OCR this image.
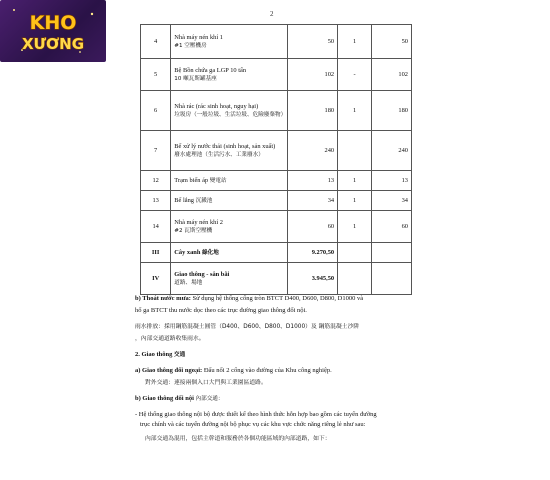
KHO
XƯƠNG
2
4	Nhà máy nén khí 1
#1 空壓機房	50	1	50
5	Bệ Bồn chứa ga LGP 10 tấn
10 噸瓦斯罐基座	102	-	102
6	Nhà rác (rác sinh hoạt, nguy hại)
垃圾房（一般垃圾、生活垃圾、危險廢棄物）	180	1	180
7	Bể xử lý nước thải (sinh hoạt, sản xuất)
廢水處理池（生活污水、工業廢水）	240		240
12	Trạm biến áp 變電站	13	1	13
13	Bể lắng 沉澱池	34	1	34
14	Nhà máy nén khí 2
#2 瓦斯空壓機	60	1	60
III	Cây xanh 綠化地	9.270,50		
IV	Giao thông - sân bãi
道路、場地	3.945,50		
b) Thoát nước mưa: Sử dụng hệ thống cống tròn BTCT D400, D600, D800, D1000 và
hố ga BTCT thu nước dọc theo các trục đường giao thông đối nội.
雨水排放：採用鋼筋混凝土圓管（D400、D600、D800、D1000）及 鋼筋混凝土沙阱
，內部交通道路收集雨水。
2. Giao thông 交通
a) Giao thông đối ngoại: Đấu nối 2 cổng vào đường của Khu công nghiệp.
對外交通：連接兩個入口大門與工業園區道路。
b) Giao thông đối nội 內部交通：
- Hệ thống giao thông nội bộ được thiết kế theo hình thức hỗn hợp bao gồm các tuyến đường
trục chính và các tuyến đường nội bộ phục vụ các khu vực chức năng riêng lẻ như sau:
內部交通為混用，包括主幹道和服務於各個功能區域的內部道路，如下：
